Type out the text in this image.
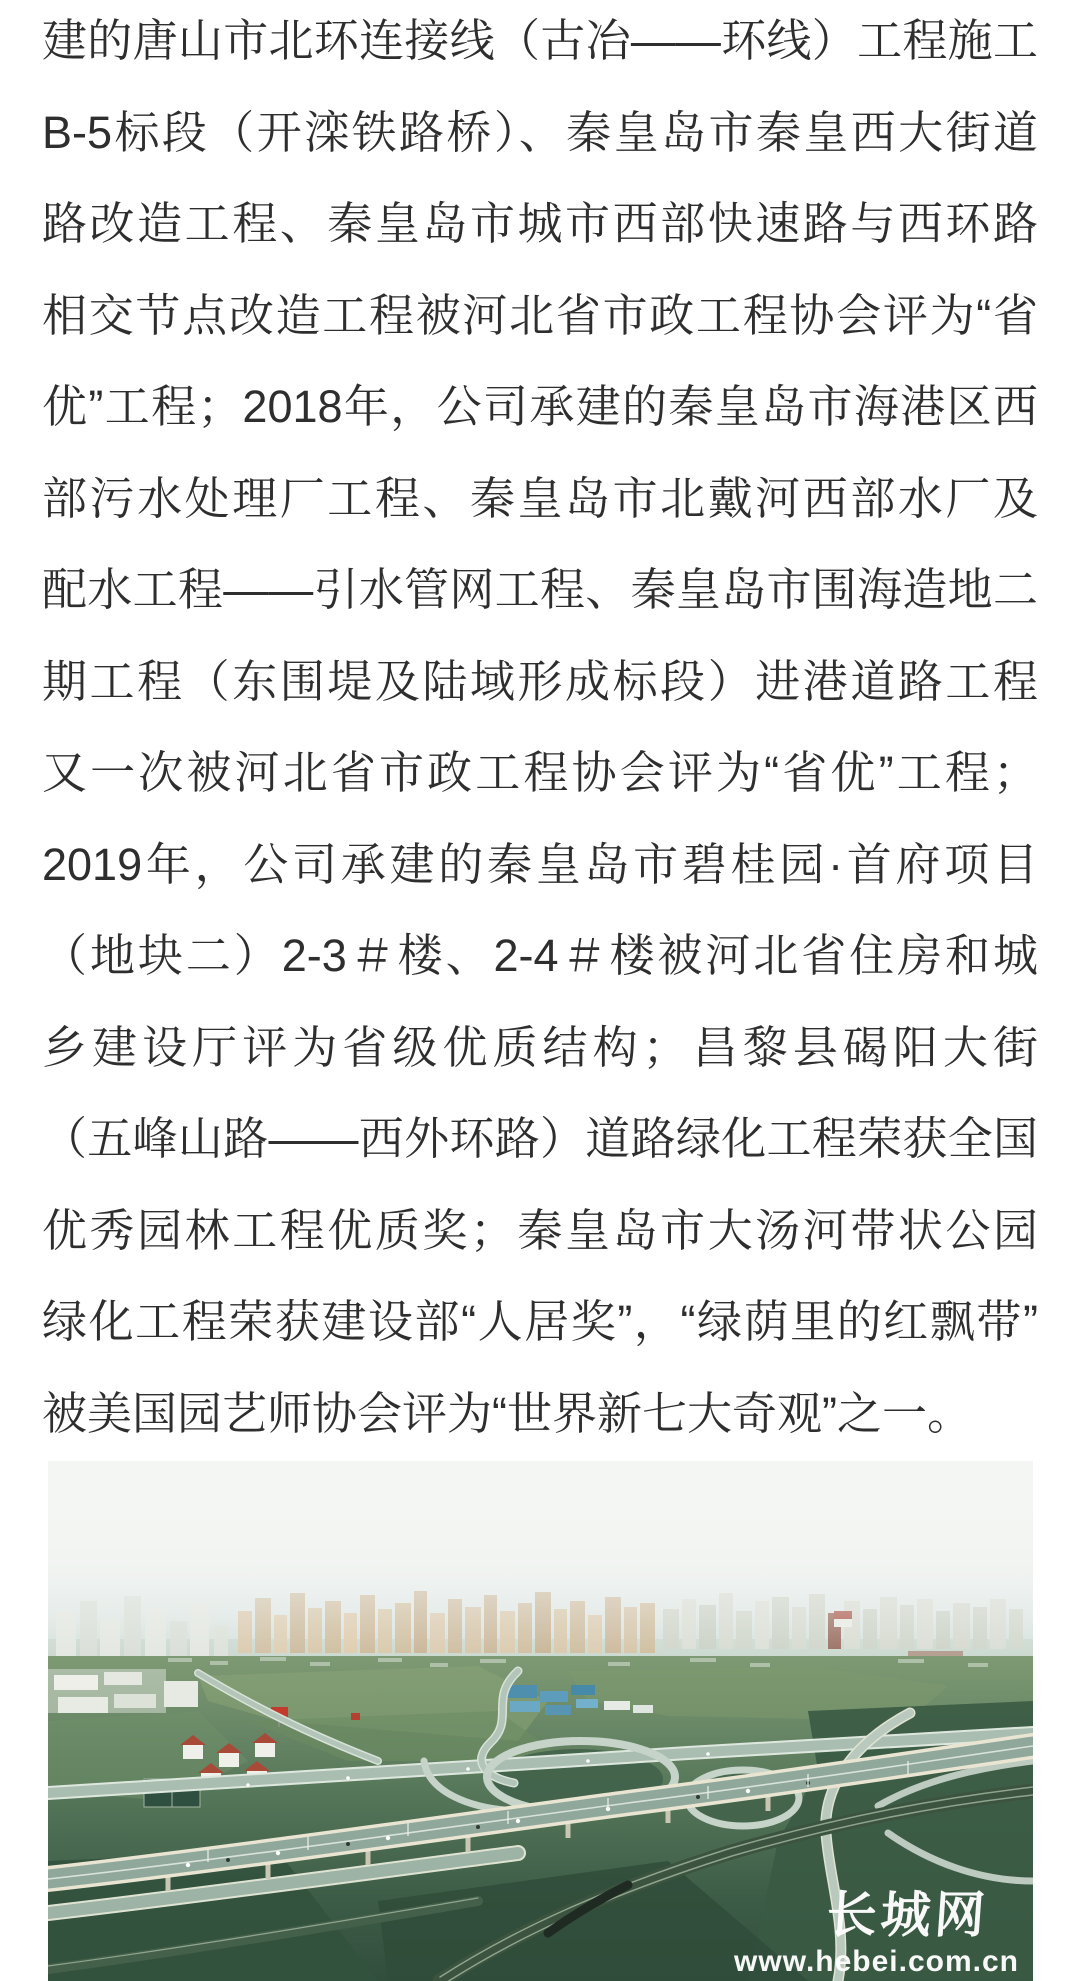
建的唐山市北环连接线（古冶——环线）工程施工
B-5标段（开滦铁路桥）、秦皇岛市秦皇西大街道
路改造工程、秦皇岛市城市西部快速路与西环路
相交节点改造工程被河北省市政工程协会评为“省
优”工程；2018年，公司承建的秦皇岛市海港区西
部污水处理厂工程、秦皇岛市北戴河西部水厂及
配水工程——引水管网工程、秦皇岛市围海造地二
期工程（东围堤及陆域形成标段）进港道路工程
又一次被河北省市政工程协会评为“省优”工程；
2019年，公司承建的秦皇岛市碧桂园·首府项目
（地块二）2-3＃楼、2-4＃楼被河北省住房和城
乡建设厅评为省级优质结构；昌黎县碣阳大街
（五峰山路——西外环路）道路绿化工程荣获全国
优秀园林工程优质奖；秦皇岛市大汤河带状公园
绿化工程荣获建设部“人居奖”，“绿荫里的红飘带”
被美国园艺师协会评为“世界新七大奇观”之一。
长城网
www.hebei.com.cn
